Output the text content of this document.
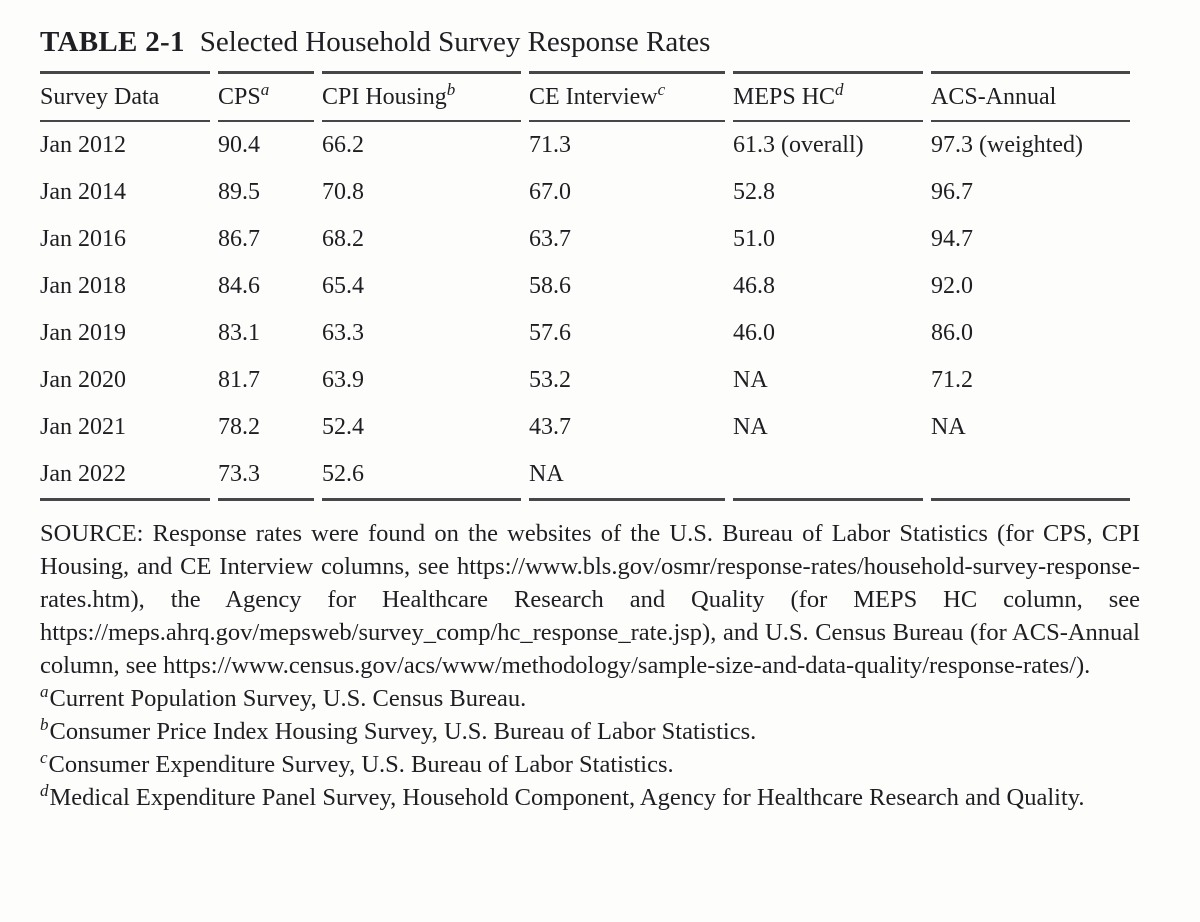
TABLE 2-1 Selected Household Survey Response Rates
Survey Data	CPS$^a$	CPI Housing$^b$	CE Interview$^c$	MEPS $HC^d$	ACS-Annual
Jan 2012	90.4	66.2	71.3	61.3 (overall)	97.3 (weighted)
Jan 2014	89.5	70.8	67.0	52.8	96.7
Jan 2016	86.7	68.2	63.7	51.0	94.7
Jan 2018	84.6	65.4	58.6	46.8	92.0
Jan 2019	83.1	63.3	57.6	46.0	86.0
Jan 2020	81.7	63.9	53.2	NA	71.2
Jan 2021	78.2	52.4	43.7	NA	NA
Jan 2022	73.3	52.6	NA		

SOURCE: Response rates were found on the websites of the U.S. Bureau of Labor Statistics (for CPS, CPI Housing, and CE Interview columns, see https://www.bls.gov/osmr/response-rates/household-survey-response-rates.htm), the Agency for Healthcare Research and Quality (for MEPS HC column, see https://meps.ahrq.gov/mepsweb/survey_comp/hc_response_rate.jsp), and U.S. Census Bureau (for ACS-Annual column, see https://www.census.gov/acs/www/methodology/sample-size-and-data-quality/response-rates/).

$^a$Current Population Survey, U.S. Census Bureau.

$^b$Consumer Price Index Housing Survey, U.S. Bureau of Labor Statistics.

$^c$Consumer Expenditure Survey, U.S. Bureau of Labor Statistics.

$^d$Medical Expenditure Panel Survey, Household Component, Agency for Healthcare Research and Quality.
